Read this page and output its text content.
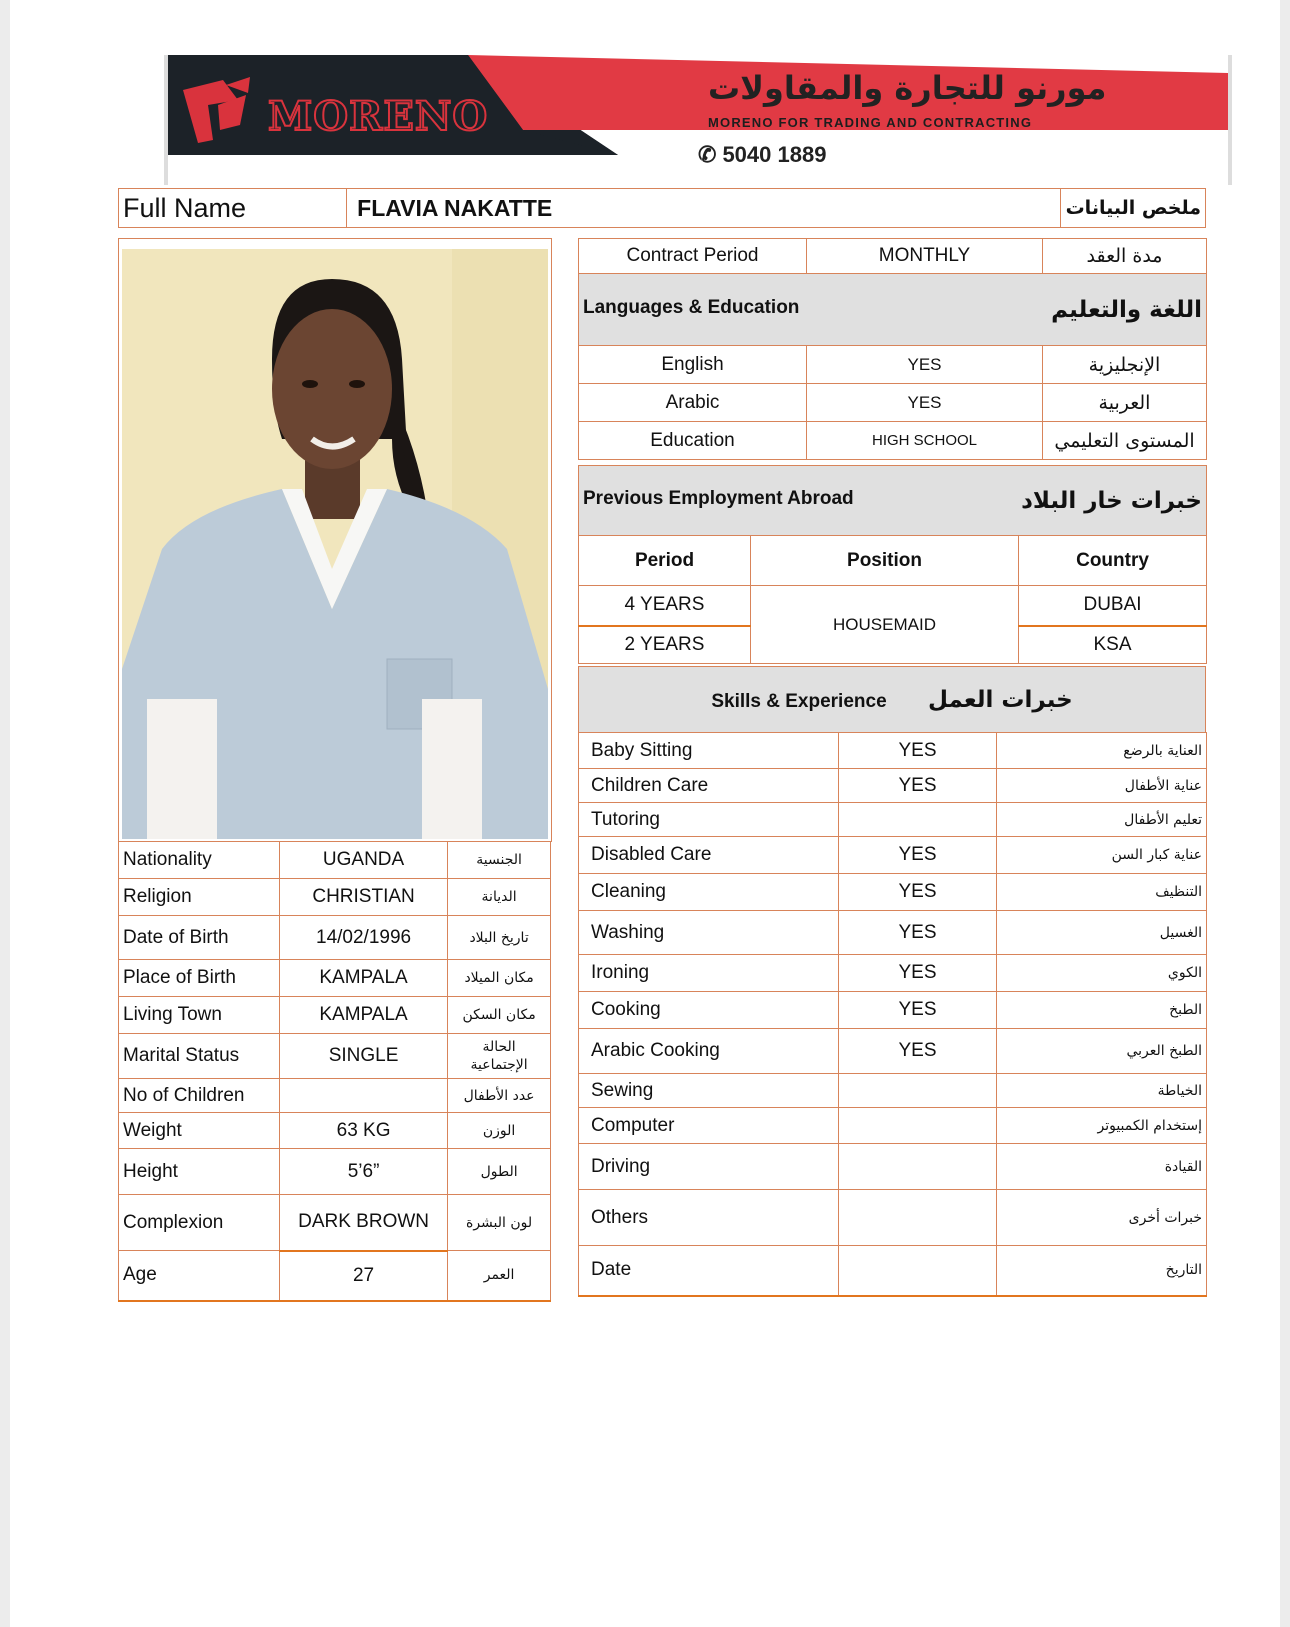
MORENO
مورنو للتجارة والمقاولات
MORENO FOR TRADING AND CONTRACTING
✆ 5040 1889
Full Name	FLAVIA NAKATTE	ملخص البيانات
Nationality	UGANDA	الجنسية
Religion	CHRISTIAN	الديانة
Date of Birth	14/02/1996	تاريخ البلاد
Place of Birth	KAMPALA	مكان الميلاد
Living Town	KAMPALA	مكان السكن
Marital Status	SINGLE	الحالة الإجتماعية
No of Children		عدد الأطفال
Weight	63 KG	الوزن
Height	5’6”	الطول
Complexion	DARK BROWN	لون البشرة
Age	27	العمر
Contract Period	MONTHLY	مدة العقد
Languages & Education اللغة والتعليم		

English	YES	الإنجليزية
Arabic	YES	العربية
Education	HIGH SCHOOL	المستوى التعليمي
Previous Employment Abroad خبرات خار البلاد		

Period	Position	Country
4 YEARS	HOUSEMAID	DUBAI
2 YEARS		KSA
Skills & Experience خبرات العمل
Baby Sitting	YES	العناية بالرضع
Children Care	YES	عناية الأطفال
Tutoring		تعليم الأطفال
Disabled Care	YES	عناية كبار السن
Cleaning	YES	التنظيف
Washing	YES	الغسيل
Ironing	YES	الكوي
Cooking	YES	الطبخ
Arabic Cooking	YES	الطبخ العربي
Sewing		الخياطة
Computer		إستخدام الكمبيوتر
Driving		القيادة
Others		خبرات أخرى
Date		التاريخ
